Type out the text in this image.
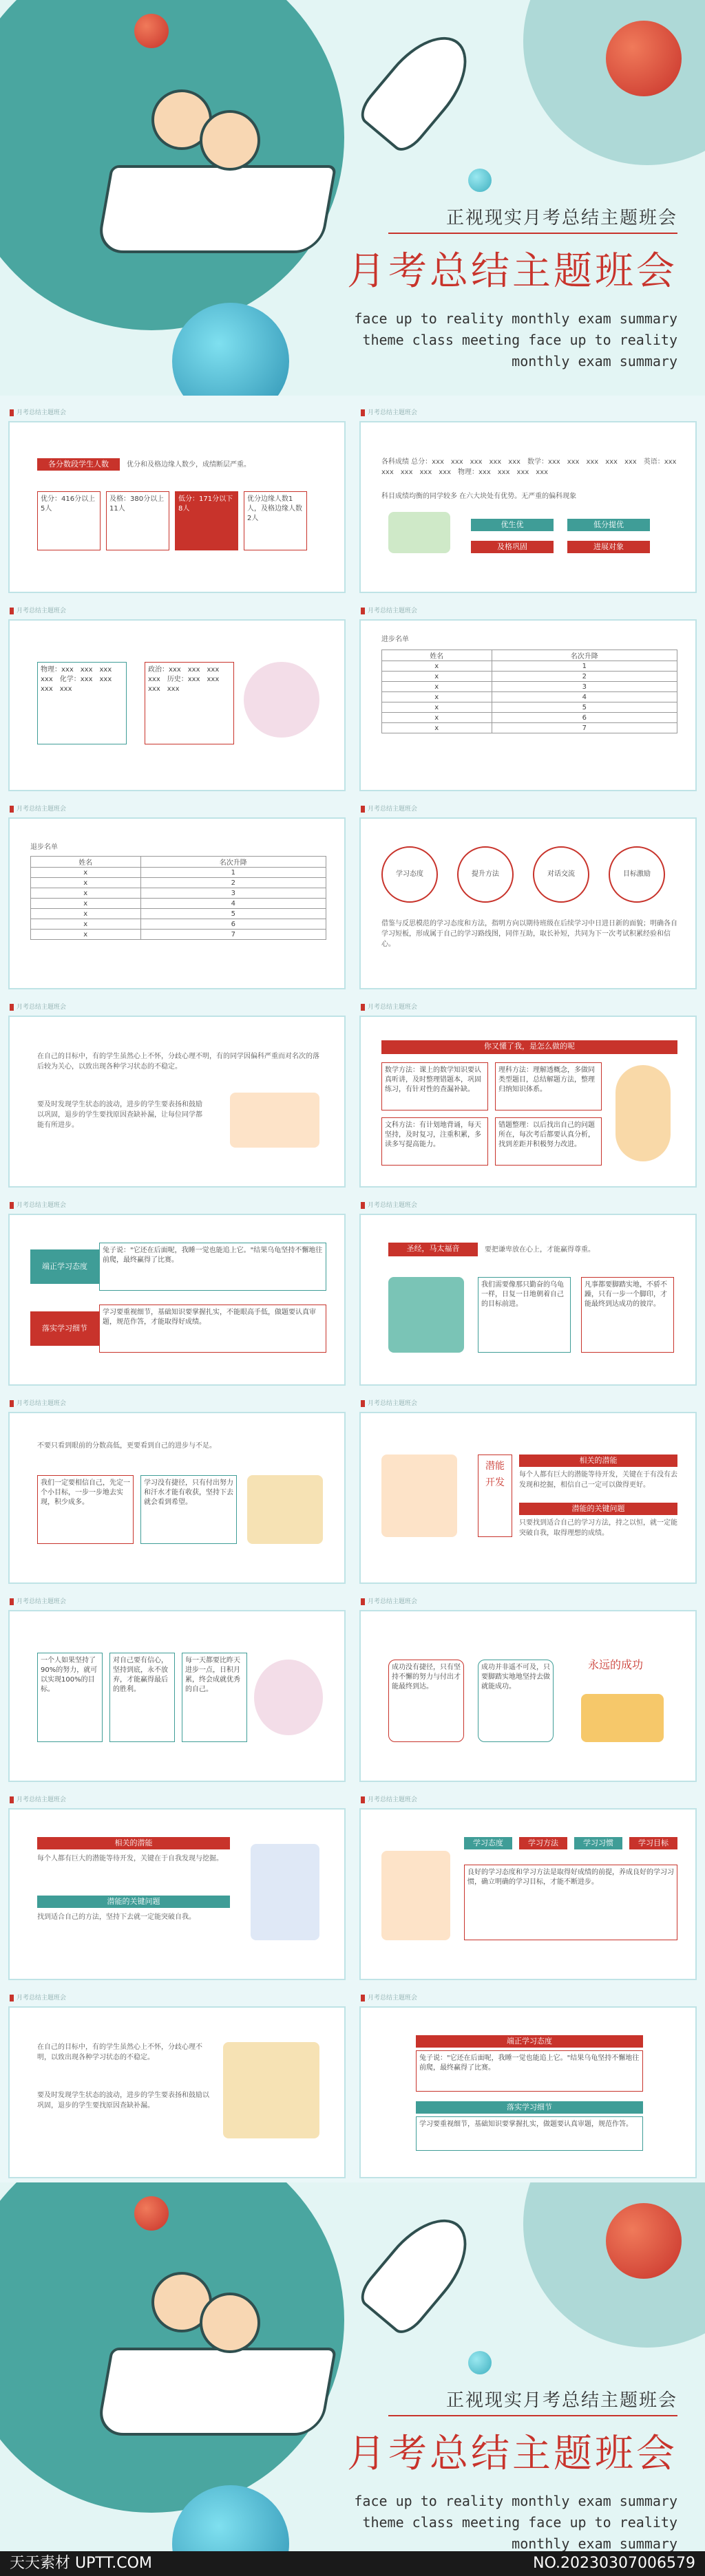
正视现实月考总结主题班会
月考总结主题班会
face up to reality monthly exam summary theme class meeting face up to reality monthly exam summary
月考总结主题班会
各分数段学生人数	优分和及格边缘人数少，成绩断层严重。
优分：416分以上　5人
及格：380分以上　11人
低分：171分以下　8人
优分边缘人数1人，及格边缘人数2人
月考总结主题班会
各科成绩 总分：xxx　xxx　xxx　xxx　xxx　数学：xxx　xxx　xxx　xxx　xxx　英语：xxx　xxx　xxx　xxx　xxx　物理：xxx　xxx　xxx　xxx
科目成绩均衡的同学较多 在六大块处有优势。无严重的偏科现象
优生优	低分提优
及格巩固	进展对象
月考总结主题班会
物理：xxx　xxx　xxx　xxx　化学：xxx　xxx　xxx　xxx
政治：xxx　xxx　xxx　xxx　历史：xxx　xxx　xxx　xxx
月考总结主题班会
进步名单
姓名	名次升降
x	1
x	2
x	3
x	4
x	5
x	6
x	7
月考总结主题班会
退步名单
姓名	名次升降
x	1
x	2
x	3
x	4
x	5
x	6
x	7
月考总结主题班会
学习态度	提升方法	对话交流	目标激励
借鉴与反思模范的学习态度和方法，指明方向以期待班级在后续学习中日进日新的面貌；明确各自学习短板，形成属于自己的学习路线图，同伴互助，取长补短，共同为下一次考试积累经验和信心。
月考总结主题班会
在自己的目标中，有的学生虽然心上不怀，分歧心理不明，有的同学因偏科严重而对名次的落后较为关心，以致出现各种学习状态的不稳定。
要及时发现学生状态的波动，进步的学生要表扬和鼓励以巩固，退步的学生要找原因查缺补漏，让每位同学都能有所进步。
月考总结主题班会
你又懂了我，是怎么做的呢
数学方法：课上的数学知识要认真听讲，及时整理错题本，巩固练习，有针对性的查漏补缺。
理科方法：理解透概念，多做同类型题目，总结解题方法，整理归纳知识体系。
文科方法：有计划地背诵，每天坚持，及时复习，注重积累，多读多写提高能力。
错题整理：以后找出自己的问题所在，每次考后都要认真分析，找到差距并积极努力改进。
月考总结主题班会
端正学习态度
兔子说："它还在后面呢，我睡一觉也能追上它。"结果乌龟坚持不懈地往前爬，最终赢得了比赛。
落实学习细节
学习要重视细节，基础知识要掌握扎实，不能眼高手低，做题要认真审题，规范作答，才能取得好成绩。
月考总结主题班会
圣经，马太福音	要把谦卑放在心上，才能赢得尊重。
我们需要像那只勤奋的乌龟一样，日复一日地朝着自己的目标前进。
凡事都要脚踏实地，不骄不躁，只有一步一个脚印，才能最终到达成功的彼岸。
月考总结主题班会
不要只看到眼前的分数高低，更要看到自己的进步与不足。
我们一定要相信自己，先定一个小目标，一步一步地去实现，积少成多。
学习没有捷径，只有付出努力和汗水才能有收获，坚持下去就会看到希望。
月考总结主题班会
潜能开发
相关的潜能
每个人都有巨大的潜能等待开发，关键在于有没有去发现和挖掘，相信自己一定可以做得更好。
潜能的关键问题
只要找到适合自己的学习方法，持之以恒，就一定能突破自我，取得理想的成绩。
月考总结主题班会
一个人如果坚持了90%的努力，就可以实现100%的目标。
对自己要有信心，坚持到底，永不放弃，才能赢得最后的胜利。
每一天都要比昨天进步一点，日积月累，终会成就优秀的自己。
月考总结主题班会
成功没有捷径，只有坚持不懈的努力与付出才能最终到达。
成功并非遥不可及，只要脚踏实地地坚持去做就能成功。
永远的成功
月考总结主题班会
相关的潜能
每个人都有巨大的潜能等待开发，关键在于自我发现与挖掘。
潜能的关键问题
找到适合自己的方法，坚持下去就一定能突破自我。
月考总结主题班会
学习态度	学习方法	学习习惯	学习目标
良好的学习态度和学习方法是取得好成绩的前提，养成良好的学习习惯，确立明确的学习目标，才能不断进步。
月考总结主题班会
在自己的目标中，有的学生虽然心上不怀，分歧心理不明，以致出现各种学习状态的不稳定。
要及时发现学生状态的波动，进步的学生要表扬和鼓励以巩固，退步的学生要找原因查缺补漏。
月考总结主题班会
端正学习态度
兔子说："它还在后面呢，我睡一觉也能追上它。"结果乌龟坚持不懈地往前爬，最终赢得了比赛。
落实学习细节
学习要重视细节，基础知识要掌握扎实，做题要认真审题，规范作答。
正视现实月考总结主题班会
月考总结主题班会
face up to reality monthly exam summary theme class meeting face up to reality monthly exam summary
天天素材 UPTT.COM	NO.20230307006579
